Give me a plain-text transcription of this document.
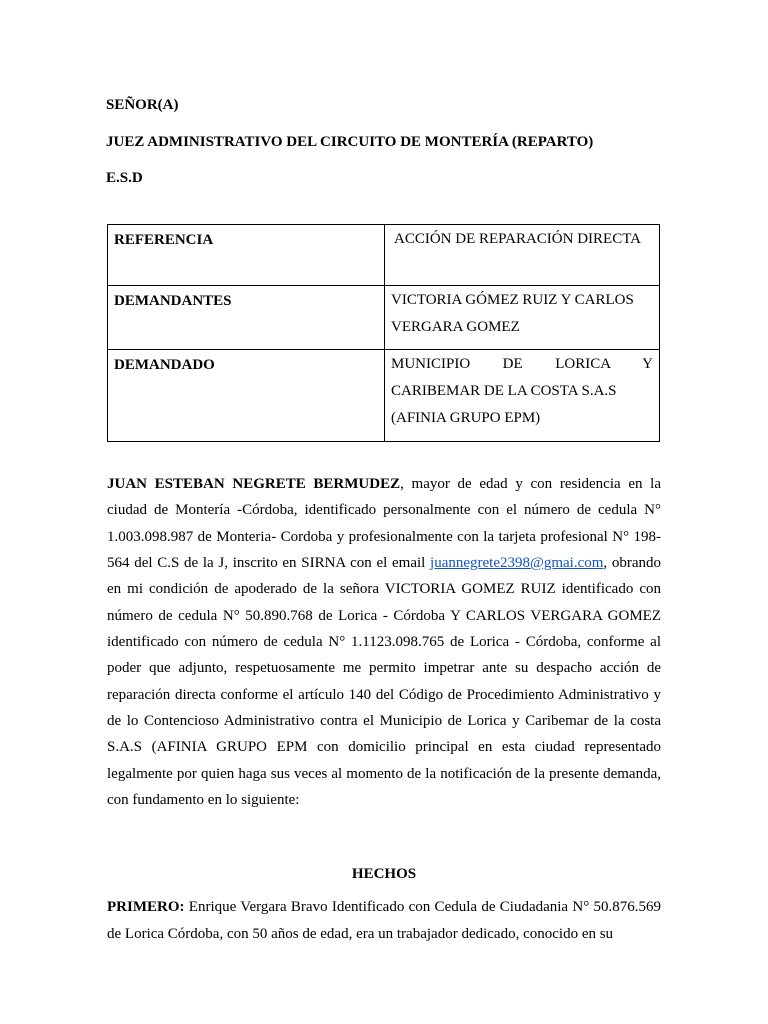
SEÑOR(A)
JUEZ ADMINISTRATIVO DEL CIRCUITO DE MONTERÍA (REPARTO)
E.S.D
REFERENCIA	ACCIÓN DE REPARACIÓN DIRECTA
DEMANDANTES	VICTORIA GÓMEZ RUIZ Y CARLOS
VERGARA GOMEZ

DEMANDADO	MUNICIPIO DE LORICA Y
CARIBEMAR DE LA COSTA S.A.S
(AFINIA GRUPO EPM)
JUAN ESTEBAN NEGRETE BERMUDEZ, mayor de edad y con residencia en la ciudad de Montería -Córdoba, identificado personalmente con el número de cedula N° 1.003.098.987 de Monteria- Cordoba y profesionalmente con la tarjeta profesional N° 198-564 del C.S de la J, inscrito en SIRNA con el email juannegrete2398@gmai.com, obrando en mi condición de apoderado de la señora VICTORIA GOMEZ RUIZ identificado con número de cedula N° 50.890.768 de Lorica - Córdoba Y CARLOS VERGARA GOMEZ identificado con número de cedula N° 1.1123.098.765 de Lorica - Córdoba, conforme al poder que adjunto, respetuosamente me permito impetrar ante su despacho acción de reparación directa conforme el artículo 140 del Código de Procedimiento Administrativo y de lo Contencioso Administrativo contra el Municipio de Lorica y Caribemar de la costa S.A.S (AFINIA GRUPO EPM con domicilio principal en esta ciudad representado legalmente por quien haga sus veces al momento de la notificación de la presente demanda, con fundamento en lo siguiente:
HECHOS
PRIMERO: Enrique Vergara Bravo Identificado con Cedula de Ciudadania N° 50.876.569 de Lorica Córdoba, con 50 años de edad, era un trabajador dedicado, conocido en su
